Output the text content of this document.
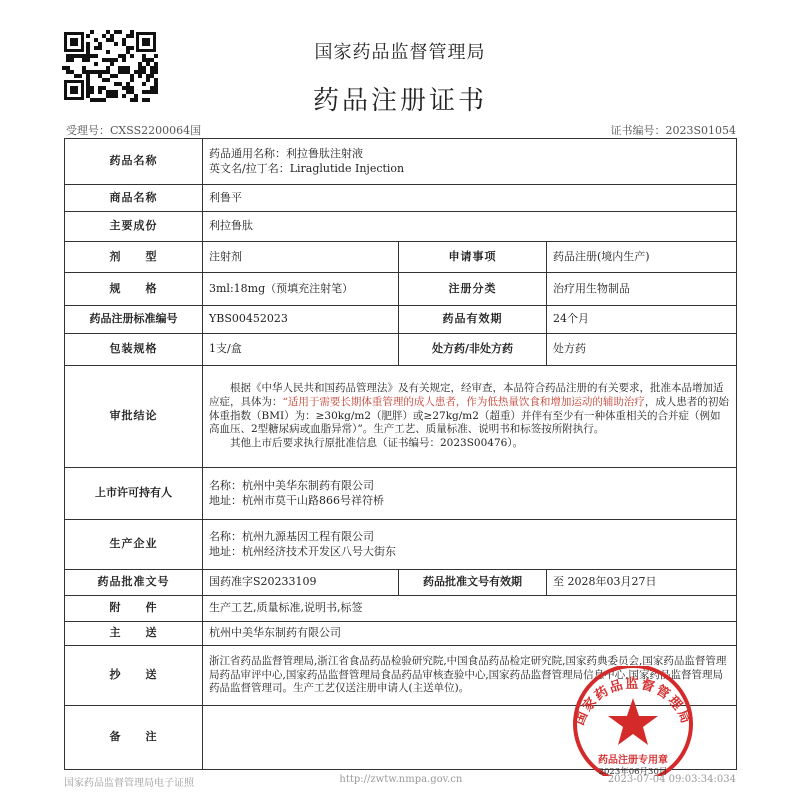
国家药品监督管理局
药品注册证书
受理号：CXSS2200064国	证书编号：2023S01054
药品名称	药品通用名称：利拉鲁肽注射液
英文名/拉丁名：Liraglutide Injection		

商品名称	利鲁平		
主要成份	利拉鲁肽		
剂　　型	注射剂	申请事项	药品注册(境内生产)
规　　格	3ml:18mg（预填充注射笔）	注册分类	治疗用生物制品
药品注册标准编号	YBS00452023	药品有效期	24个月
包装规格	1支/盒	处方药/非处方药	处方药
审批结论	根据《中华人民共和国药品管理法》及有关规定，经审查，本品符合药品注册的有关要求，批准本品增加适应症，具体为：“适用于需要长期体重管理的成人患者，作为低热量饮食和增加运动的辅助治疗，成人患者的初始体重指数（BMI）为：≥30kg/m2（肥胖）或≥27kg/m2（超重）并伴有至少有一种体重相关的合并症（例如高血压、2型糖尿病或血脂异常）”。生产工艺、质量标准、说明书和标签按所附执行。
其他上市后要求执行原批准信息（证书编号：2023S00476）。		
上市许可持有人	名称：杭州中美华东制药有限公司
地址：杭州市莫干山路866号祥符桥		

生产企业	名称：杭州九源基因工程有限公司
地址：杭州经济技术开发区八号大街东		

药品批准文号	国药准字S20233109	药品批准文号有效期	至 2028年03月27日
附　　件	生产工艺,质量标准,说明书,标签		
主　　送	杭州中美华东制药有限公司		
抄　　送	浙江省药品监督管理局,浙江省食品药品检验研究院,中国食品药品检定研究院,国家药典委员会,国家药品监督管理局药品审评中心,国家药品监督管理局食品药品审核查验中心,国家药品监督管理局信息中心,国家药品监督管理局药品监督管理司。生产工艺仅送注册申请人(主送单位)。		
备　　注			
国家药品监督管理局
药品注册专用章
2023年06月30日
国家药品监督管理局电子证照	http://zwtw.nmpa.gov.cn	2023-07-04 09:03:34:034
